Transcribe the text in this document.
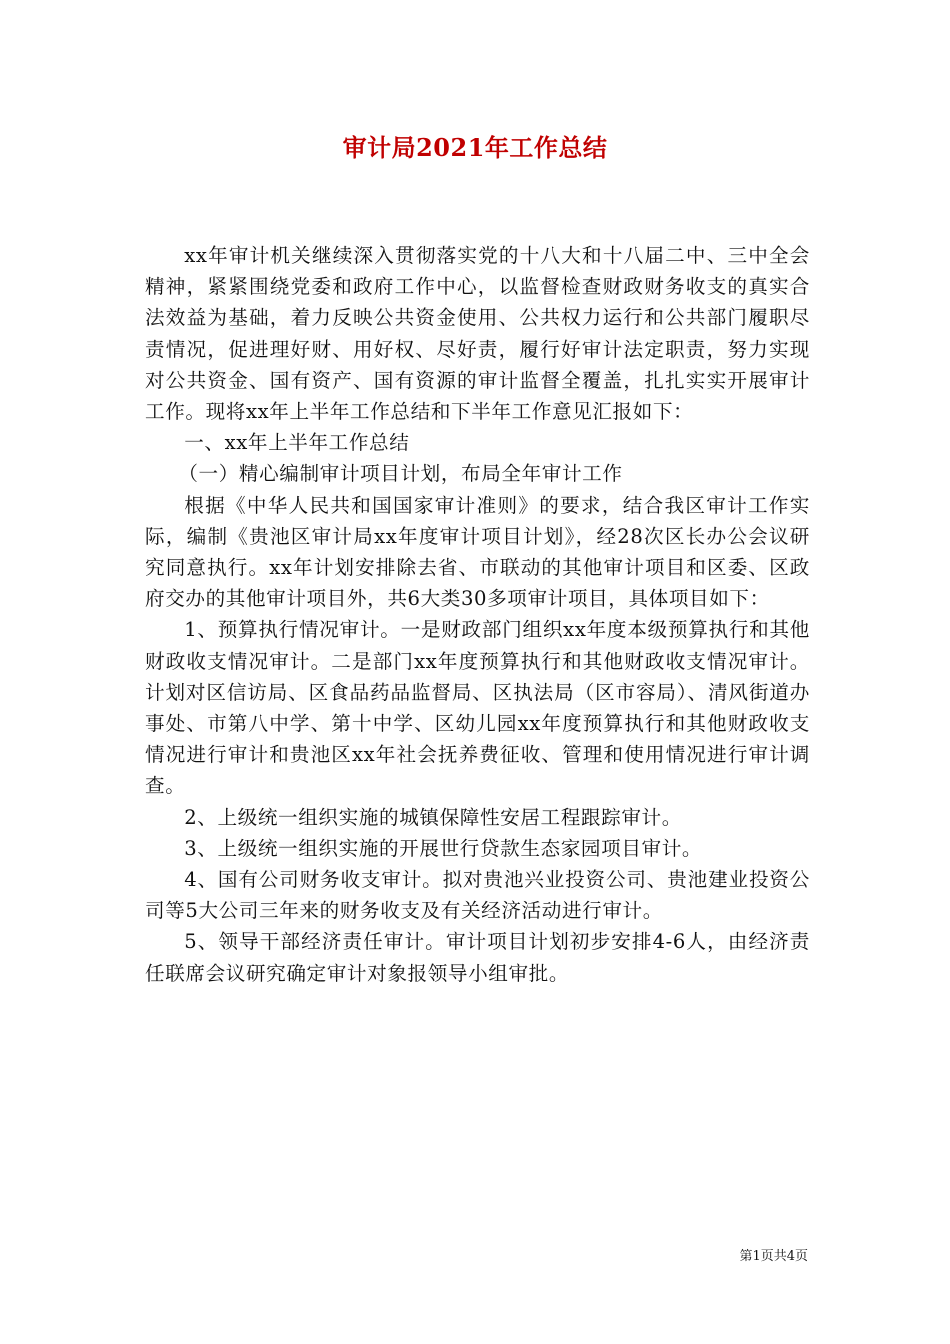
审计局2021年工作总结

xx年审计机关继续深入贯彻落实党的十八大和十八届二中、三中全会精神，紧紧围绕党委和政府工作中心，以监督检查财政财务收支的真实合法效益为基础，着力反映公共资金使用、公共权力运行和公共部门履职尽责情况，促进理好财、用好权、尽好责，履行好审计法定职责，努力实现对公共资金、国有资产、国有资源的审计监督全覆盖，扎扎实实开展审计工作。现将xx年上半年工作总结和下半年工作意见汇报如下：

一、xx年上半年工作总结

（一）精心编制审计项目计划，布局全年审计工作

根据《中华人民共和国国家审计准则》的要求，结合我区审计工作实际，编制《贵池区审计局xx年度审计项目计划》，经28次区长办公会议研究同意执行。xx年计划安排除去省、市联动的其他审计项目和区委、区政府交办的其他审计项目外，共6大类30多项审计项目，具体项目如下：

1、预算执行情况审计。一是财政部门组织xx年度本级预算执行和其他财政收支情况审计。二是部门xx年度预算执行和其他财政收支情况审计。计划对区信访局、区食品药品监督局、区执法局（区市容局）、清风街道办事处、市第八中学、第十中学、区幼儿园xx年度预算执行和其他财政收支情况进行审计和贵池区xx年社会抚养费征收、管理和使用情况进行审计调查。

2、上级统一组织实施的城镇保障性安居工程跟踪审计。

3、上级统一组织实施的开展世行贷款生态家园项目审计。

4、国有公司财务收支审计。拟对贵池兴业投资公司、贵池建业投资公司等5大公司三年来的财务收支及有关经济活动进行审计。

5、领导干部经济责任审计。审计项目计划初步安排4-6人，由经济责任联席会议研究确定审计对象报领导小组审批。

第1页共4页
